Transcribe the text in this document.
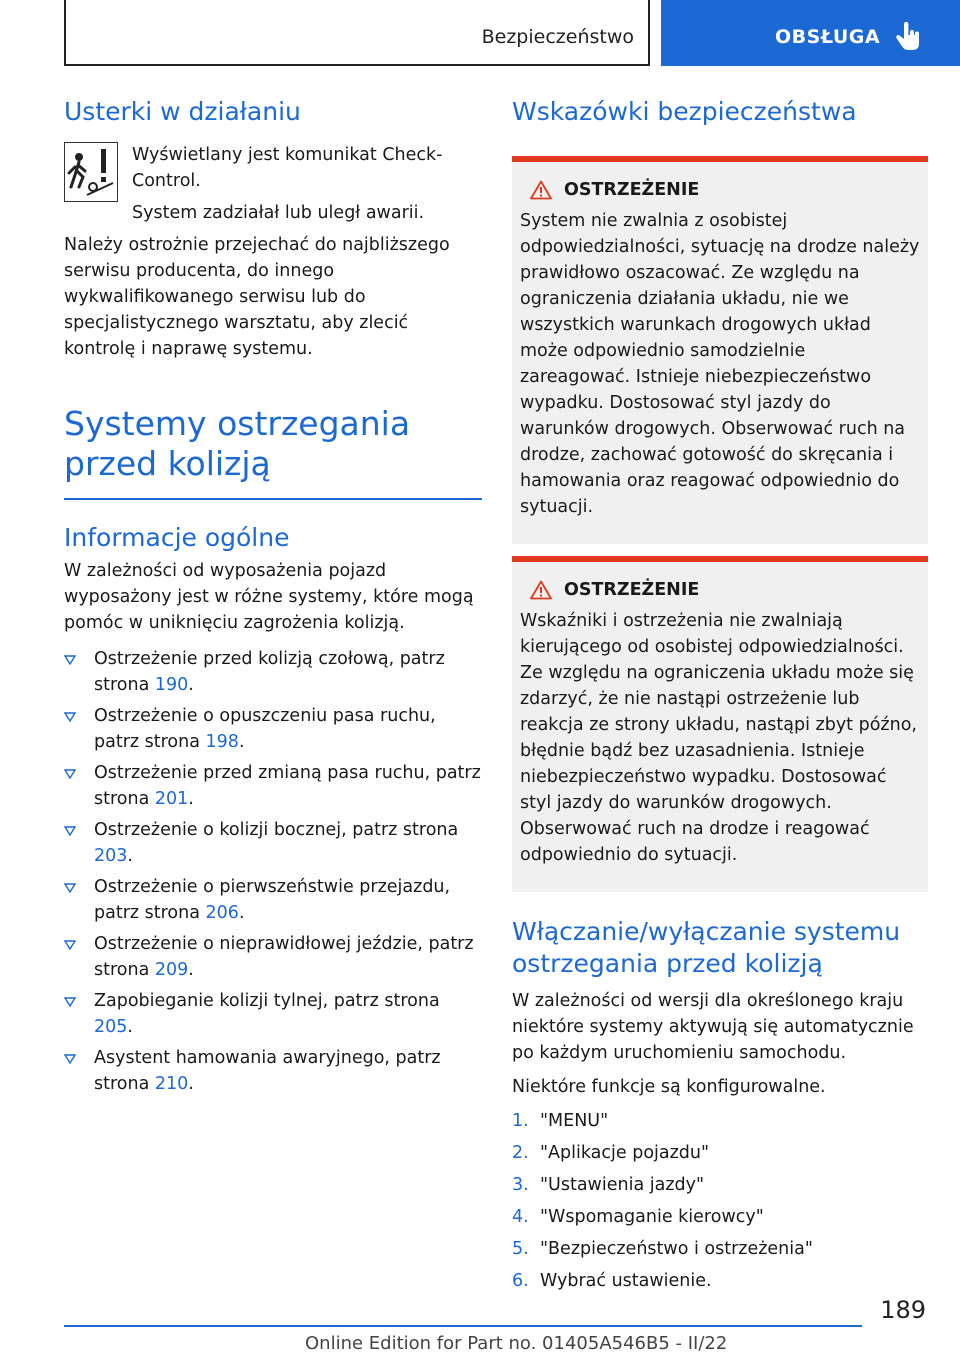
Bezpieczeństwo	OBSŁUGA
Usterki w działaniu

Wyświetlany jest komunikat Check-Control.

System zadziałał lub uległ awarii.

Należy ostrożnie przejechać do najbliższego serwisu producenta, do innego wykwalifikowanego serwisu lub do specjalistycznego warsztatu, aby zlecić kontrolę i naprawę systemu.

Systemy ostrzegania przed kolizją
Informacje ogólne

W zależności od wyposażenia pojazd wyposażony jest w różne systemy, które mogą pomóc w uniknięciu zagrożenia kolizją.

Ostrzeżenie przed kolizją czołową, patrz strona 190.
Ostrzeżenie o opuszczeniu pasa ruchu, patrz strona 198.
Ostrzeżenie przed zmianą pasa ruchu, patrz strona 201.
Ostrzeżenie o kolizji bocznej, patrz strona 203.
Ostrzeżenie o pierwszeństwie przejazdu, patrz strona 206.
Ostrzeżenie o nieprawidłowej jeździe, patrz strona 209.
Zapobieganie kolizji tylnej, patrz strona 205.
Asystent hamowania awaryjnego, patrz strona 210.
Wskazówki bezpieczeństwa
OSTRZEŻENIE

System nie zwalnia z osobistej odpowiedzialności, sytuację na drodze należy prawidłowo oszacować. Ze względu na ograniczenia działania układu, nie we wszystkich warunkach drogowych układ może odpowiednio samodzielnie zareagować. Istnieje niebezpieczeństwo wypadku. Dostosować styl jazdy do warunków drogowych. Obserwować ruch na drodze, zachować gotowość do skręcania i hamowania oraz reagować odpowiednio do sytuacji.

OSTRZEŻENIE

Wskaźniki i ostrzeżenia nie zwalniają kierującego od osobistej odpowiedzialności. Ze względu na ograniczenia układu może się zdarzyć, że nie nastąpi ostrzeżenie lub reakcja ze strony układu, nastąpi zbyt późno, błędnie bądź bez uzasadnienia. Istnieje niebezpieczeństwo wypadku. Dostosować styl jazdy do warunków drogowych. Obserwować ruch na drodze i reagować odpowiednio do sytuacji.

Włączanie/wyłączanie systemu ostrzegania przed kolizją

W zależności od wersji dla określonego kraju niektóre systemy aktywują się automatycznie po każdym uruchomieniu samochodu.

Niektóre funkcje są konfigurowalne.

1. "MENU"
2. "Aplikacje pojazdu"
3. "Ustawienia jazdy"
4. "Wspomaganie kierowcy"
5. "Bezpieczeństwo i ostrzeżenia"
6. Wybrać ustawienie.
189
Online Edition for Part no. 01405A546B5 - II/22
